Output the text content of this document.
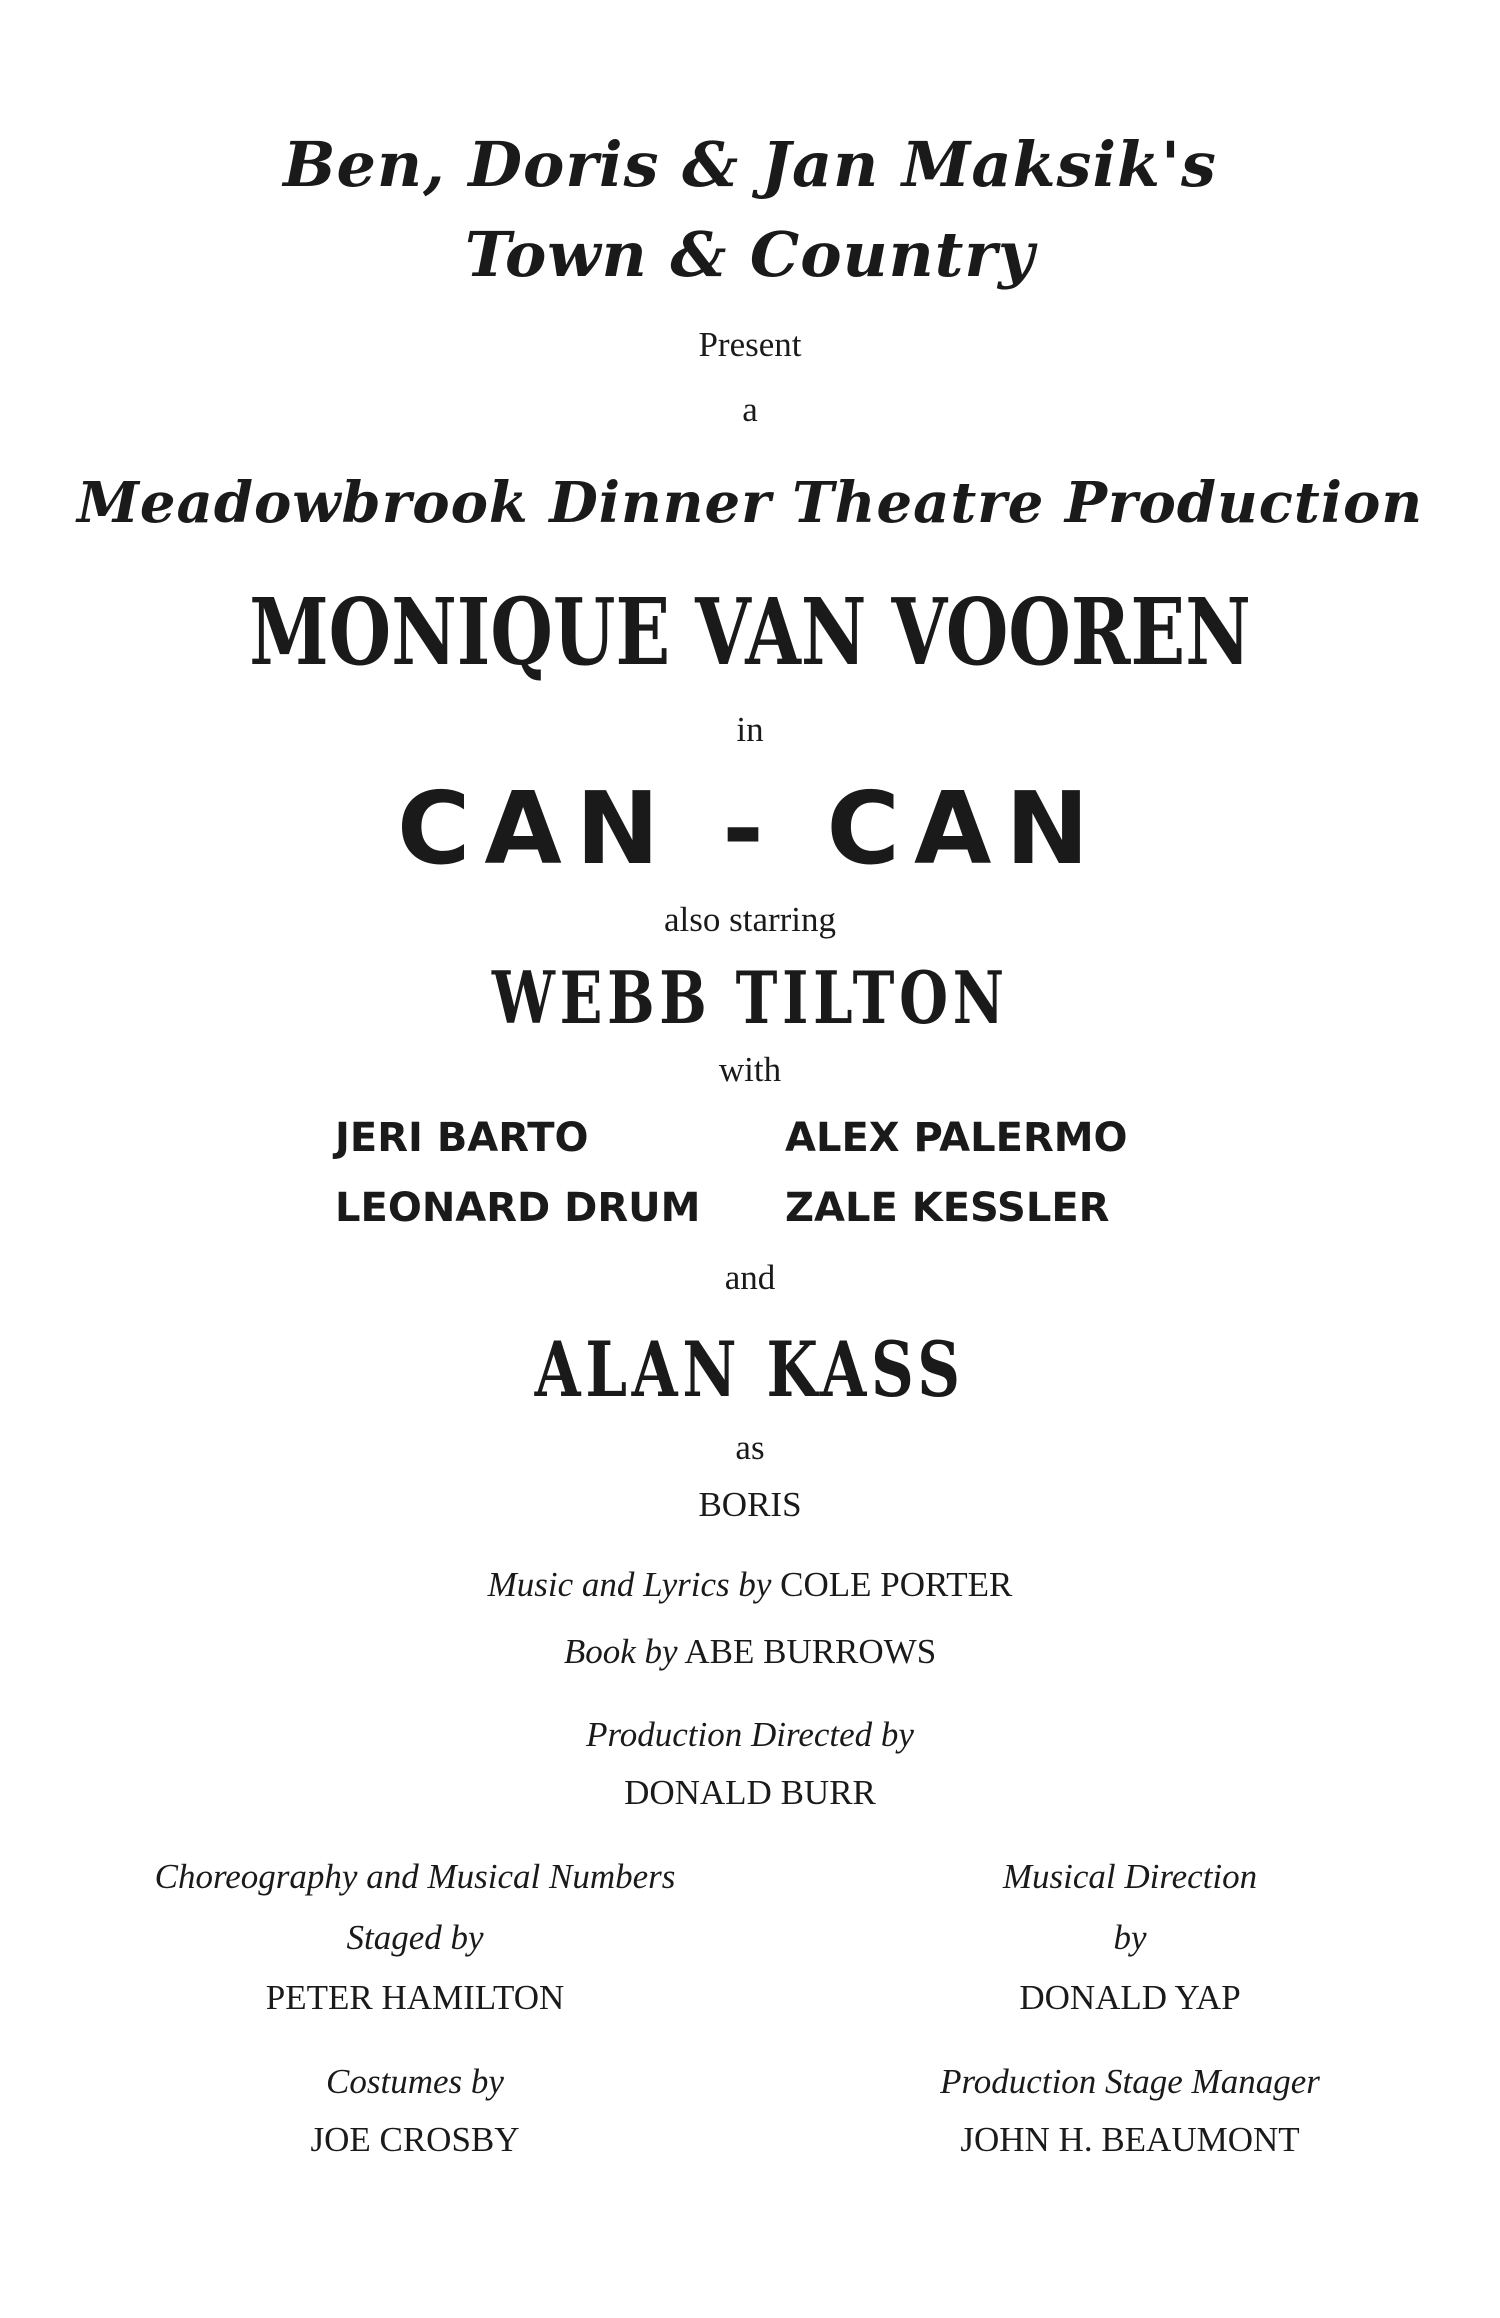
Ben, Doris & Jan Maksik's
Town & Country
Present
a
Meadowbrook Dinner Theatre Production
MONIQUE VAN VOOREN
in
CAN - CAN
also starring
WEBB TILTON
with
JERI BARTO
LEONARD DRUM
ALEX PALERMO
ZALE KESSLER
and
ALAN KASS
as
BORIS
Music and Lyrics by COLE PORTER
Book by ABE BURROWS
Production Directed by
DONALD BURR
Choreography and Musical Numbers
Staged by
PETER HAMILTON
Musical Direction
by
DONALD YAP
Costumes by
JOE CROSBY
Production Stage Manager
JOHN H. BEAUMONT
